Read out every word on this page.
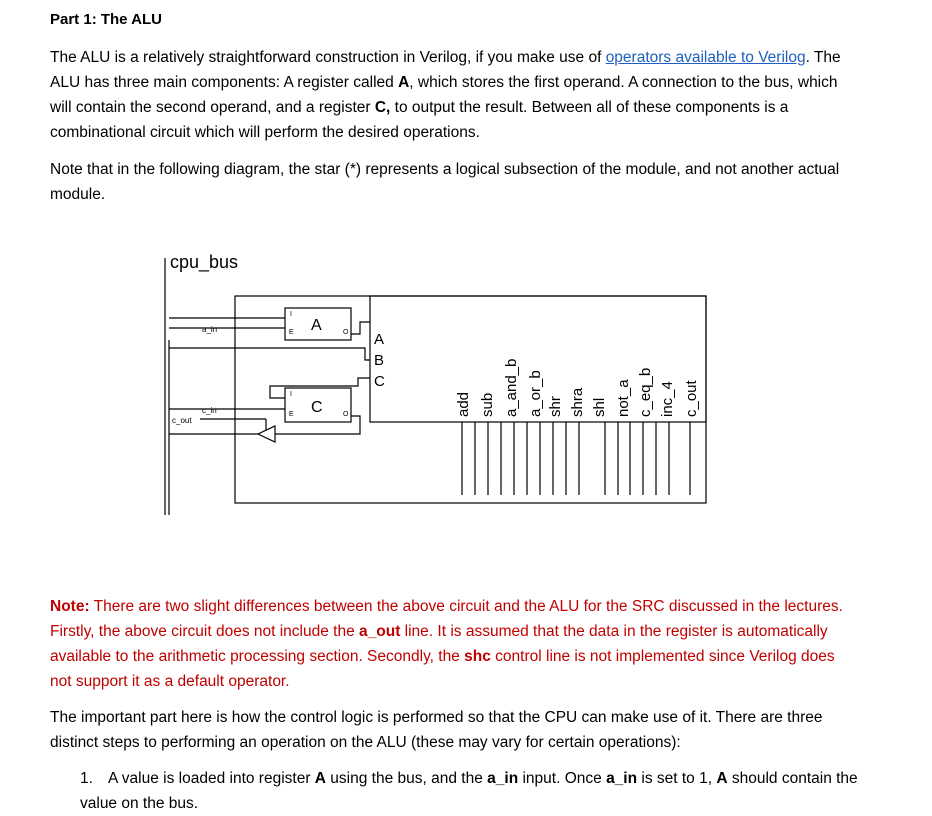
Part 1: The ALU

The ALU is a relatively straightforward construction in Verilog, if you make use of operators available to Verilog. The ALU has three main components: A register called A, which stores the first operand. A connection to the bus, which will contain the second operand, and a register C, to output the result. Between all of these components is a combinational circuit which will perform the desired operations.

Note that in the following diagram, the star (*) represents a logical subsection of the module, and not another actual module.

cpu_bus
a_in
c_in
c_out
A
C
I
E	O
I
E	O
A
B
C
add sub a_and_b a_or_b shr shra shl not_a c_eq_b inc_4 c_out

Note: There are two slight differences between the above circuit and the ALU for the SRC discussed in the lectures. Firstly, the above circuit does not include the a_out line. It is assumed that the data in the register is automatically available to the arithmetic processing section. Secondly, the shc control line is not implemented since Verilog does not support it as a default operator.

The important part here is how the control logic is performed so that the CPU can make use of it. There are three distinct steps to performing an operation on the ALU (these may vary for certain operations):

1. A value is loaded into register A using the bus, and the a_in input. Once a_in is set to 1, A should contain the value on the bus.
